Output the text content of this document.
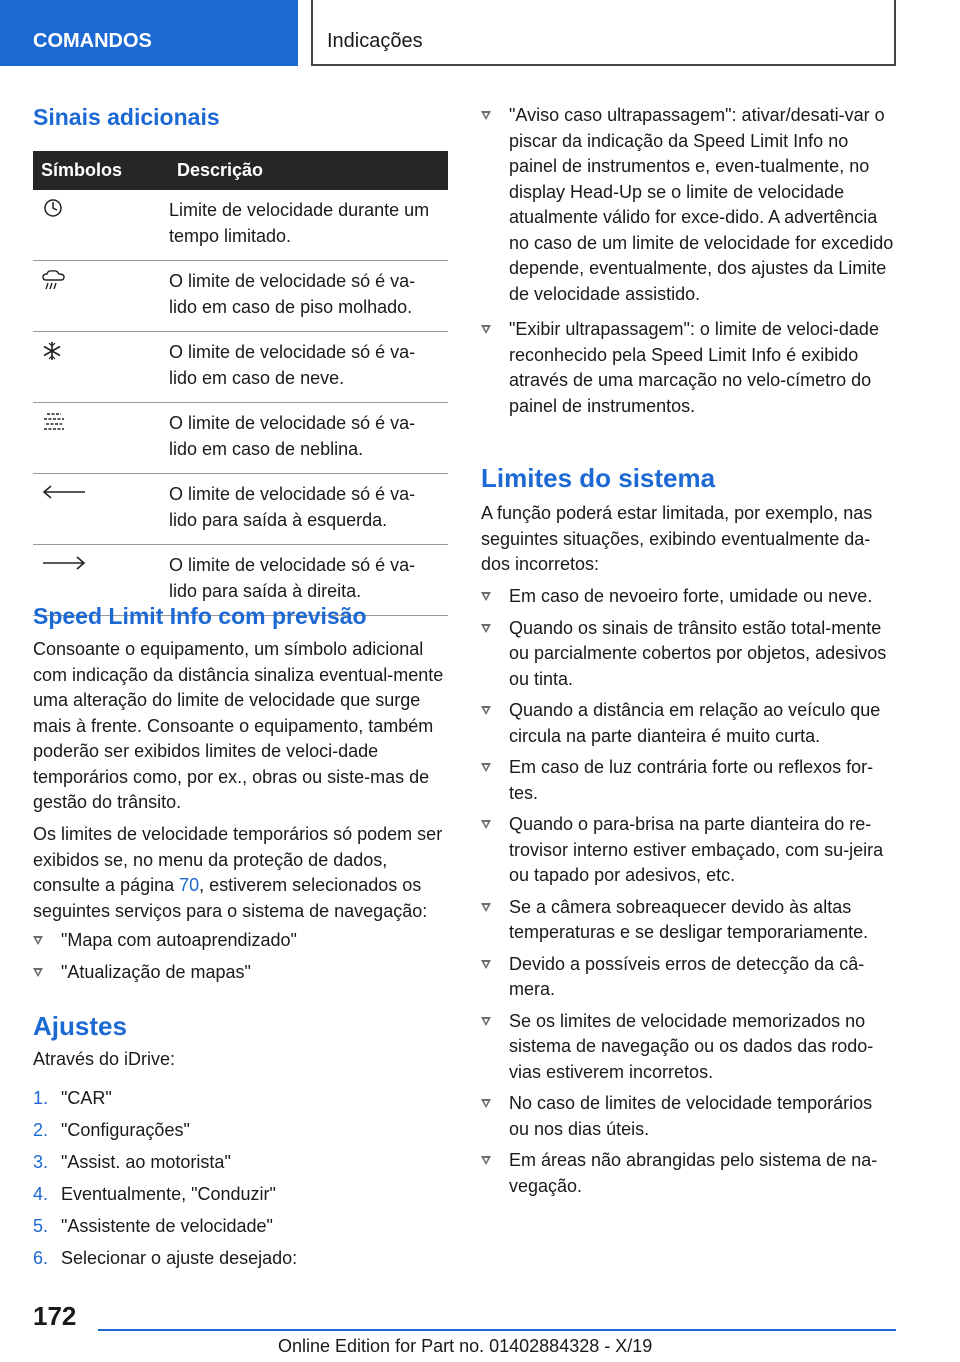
COMANDOS	Indicações
Sinais adicionais
Símbolos	Descrição

	Limite de velocidade durante um tempo limitado.

	O limite de velocidade só é va-lido em caso de piso molhado.

	O limite de velocidade só é va-lido em caso de neve.

	O limite de velocidade só é va-lido em caso de neblina.

	O limite de velocidade só é va-lido para saída à esquerda.

	O limite de velocidade só é va-lido para saída à direita.
Speed Limit Info com previsão

Consoante o equipamento, um símbolo adicional com indicação da distância sinaliza eventual-mente uma alteração do limite de velocidade que surge mais à frente. Consoante o equipamento, também poderão ser exibidos limites de veloci-dade temporários como, por ex., obras ou siste-mas de gestão do trânsito.

Os limites de velocidade temporários só podem ser exibidos se, no menu da proteção de dados, consulte a página 70, estiverem selecionados os seguintes serviços para o sistema de navegação:

"Mapa com autoaprendizado"
"Atualização de mapas"
Ajustes

Através do iDrive:

1. "CAR"
2. "Configurações"
3. "Assist. ao motorista"
4. Eventualmente, "Conduzir"
5. "Assistente de velocidade"
6. Selecionar o ajuste desejado:
"Aviso caso ultrapassagem": ativar/desati-var o piscar da indicação da Speed Limit Info no painel de instrumentos e, even-tualmente, no display Head-Up se o limite de velocidade atualmente válido for exce-dido. A advertência no caso de um limite de velocidade for excedido depende, eventualmente, dos ajustes da Limite de velocidade assistido.
"Exibir ultrapassagem": o limite de veloci-dade reconhecido pela Speed Limit Info é exibido através de uma marcação no velo-címetro do painel de instrumentos.
Limites do sistema

A função poderá estar limitada, por exemplo, nas seguintes situações, exibindo eventualmente da-dos incorretos:

Em caso de nevoeiro forte, umidade ou neve.
Quando os sinais de trânsito estão total-mente ou parcialmente cobertos por objetos, adesivos ou tinta.
Quando a distância em relação ao veículo que circula na parte dianteira é muito curta.
Em caso de luz contrária forte ou reflexos for-tes.
Quando o para-brisa na parte dianteira do re-trovisor interno estiver embaçado, com su-jeira ou tapado por adesivos, etc.
Se a câmera sobreaquecer devido às altas temperaturas e se desligar temporariamente.
Devido a possíveis erros de detecção da câ-mera.
Se os limites de velocidade memorizados no sistema de navegação ou os dados das rodo-vias estiverem incorretos.
No caso de limites de velocidade temporários ou nos dias úteis.
Em áreas não abrangidas pelo sistema de na-vegação.
172
Online Edition for Part no. 01402884328 - X/19
